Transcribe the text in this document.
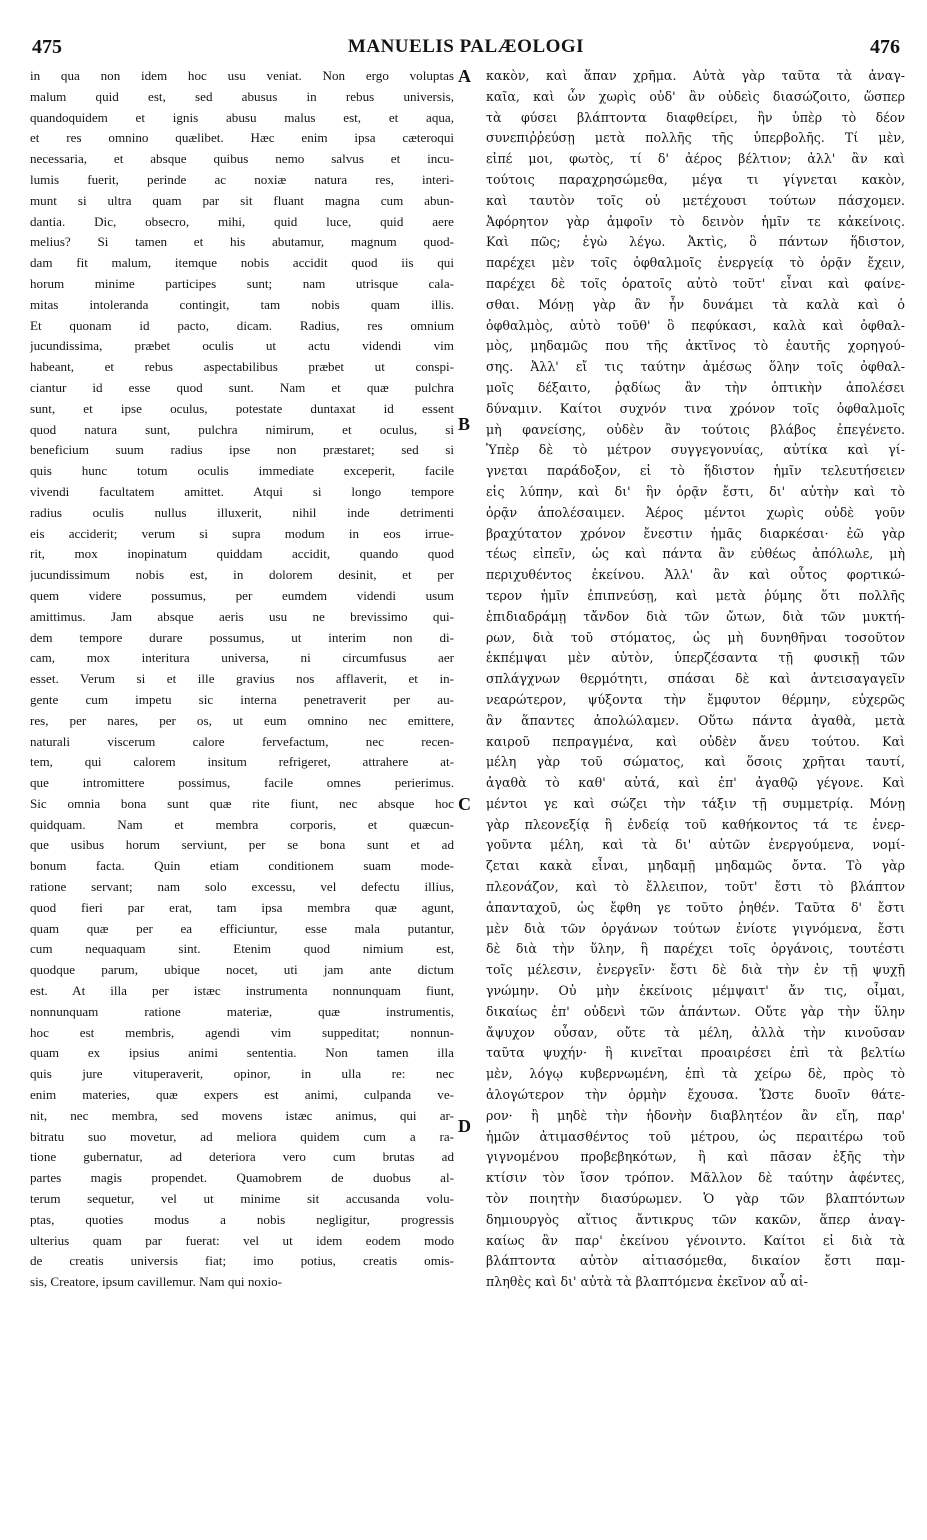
475	MANUELIS PALÆOLOGI	476
in qua non idem hoc usu veniat. Non ergo voluptas
malum quid est, sed abusus in rebus universis,
quandoquidem et ignis abusu malus est, et aqua,
et res omnino quælibet. Hæc enim ipsa cæteroqui
necessaria, et absque quibus nemo salvus et incu-
lumis fuerit, perinde ac noxiæ natura res, interi-
munt si ultra quam par sit fluant magna cum abun-
dantia. Dic, obsecro, mihi, quid luce, quid aere
melius? Si tamen et his abutamur, magnum quod-
dam fit malum, itemque nobis accidit quod iis qui
horum minime participes sunt; nam utrisque cala-
mitas intoleranda contingit, tam nobis quam illis.
Et quonam id pacto, dicam. Radius, res omnium
jucundissima, præbet oculis ut actu videndi vim
habeant, et rebus aspectabilibus præbet ut conspi-
ciantur id esse quod sunt. Nam et quæ pulchra
sunt, et ipse oculus, potestate duntaxat id essent
quod natura sunt, pulchra nimirum, et oculus, si
beneficium suum radius ipse non præstaret; sed si
quis hunc totum oculis immediate exceperit, facile
vivendi facultatem amittet. Atqui si longo tempore
radius oculis nullus illuxerit, nihil inde detrimenti
eis acciderit; verum si supra modum in eos irrue-
rit, mox inopinatum quiddam accidit, quando quod
jucundissimum nobis est, in dolorem desinit, et per
quem videre possumus, per eumdem videndi usum
amittimus. Jam absque aeris usu ne brevissimo qui-
dem tempore durare possumus, ut interim non di-
cam, mox interitura universa, ni circumfusus aer
esset. Verum si et ille gravius nos afflaverit, et in-
gente cum impetu sic interna penetraverit per au-
res, per nares, per os, ut eum omnino nec emittere,
naturali viscerum calore fervefactum, nec recen-
tem, qui calorem insitum refrigeret, attrahere at-
que intromittere possimus, facile omnes perierimus.
Sic omnia bona sunt quæ rite fiunt, nec absque hoc
quidquam. Nam et membra corporis, et quæcun-
que usibus horum serviunt, per se bona sunt et ad
bonum facta. Quin etiam conditionem suam mode-
ratione servant; nam solo excessu, vel defectu illius,
quod fieri par erat, tam ipsa membra quæ agunt,
quam quæ per ea efficiuntur, esse mala putantur,
cum nequaquam sint. Etenim quod nimium est,
quodque parum, ubique nocet, uti jam ante dictum
est. At illa per istæc instrumenta nonnunquam fiunt,
nonnunquam ratione materiæ, quæ instrumentis,
hoc est membris, agendi vim suppeditat; nonnun-
quam ex ipsius animi sententia. Non tamen illa
quis jure vituperaverit, opinor, in ulla re: nec
enim materies, quæ expers est animi, culpanda ve-
nit, nec membra, sed movens istæc animus, qui ar-
bitratu suo movetur, ad meliora quidem cum a ra-
tione gubernatur, ad deteriora vero cum brutas ad
partes magis propendet. Quamobrem de duobus al-
terum sequetur, vel ut minime sit accusanda volu-
ptas, quoties modus a nobis negligitur, progressis
ulterius quam par fuerat: vel ut idem eodem modo
de creatis universis fiat; imo potius, creatis omis-
sis, Creatore, ipsum cavillemur. Nam qui noxio-
A
B
C
D
κακὸν, καὶ ἅπαν χρῆμα. Αὐτὰ γὰρ ταῦτα τὰ ἀναγ-
καῖα, καὶ ὧν χωρὶς οὐδ' ἂν οὐδεὶς διασώζοιτο, ὥσπερ
τὰ φύσει βλάπτοντα διαφθείρει, ἢν ὑπὲρ τὸ δέον
συνεπιῤῥεύσῃ μετὰ πολλῆς τῆς ὑπερβολῆς. Τί μὲν,
εἰπέ μοι, φωτὸς, τί δ' ἀέρος βέλτιον; ἀλλ' ἂν καὶ
τούτοις παραχρησώμεθα, μέγα τι γίγνεται κακὸν,
καὶ ταυτὸν τοῖς οὐ μετέχουσι τούτων πάσχομεν.
Ἀφόρητον γὰρ ἀμφοῖν τὸ δεινὸν ἡμῖν τε κἀκείνοις.
Καὶ πῶς; ἐγὼ λέγω. Ἀκτὶς, ὃ πάντων ἥδιστον,
παρέχει μὲν τοῖς ὀφθαλμοῖς ἐνεργείᾳ τὸ ὁρᾷν ἔχειν,
παρέχει δὲ τοῖς ὁρατοῖς αὐτὸ τοῦτ' εἶναι καὶ φαίνε-
σθαι. Μόνῃ γὰρ ἂν ἦν δυνάμει τὰ καλὰ καὶ ὁ
ὀφθαλμὸς, αὐτὸ τοῦθ' ὃ πεφύκασι, καλὰ καὶ ὀφθαλ-
μὸς, μηδαμῶς που τῆς ἀκτῖνος τὸ ἑαυτῆς χορηγού-
σης. Ἀλλ' εἴ τις ταύτην ἀμέσως ὅλην τοῖς ὀφθαλ-
μοῖς δέξαιτο, ῥᾳδίως ἂν τὴν ὀπτικὴν ἀπολέσει
δύναμιν. Καίτοι συχνόν τινα χρόνον τοῖς ὀφθαλμοῖς
μὴ φανείσης, οὐδὲν ἂν τούτοις βλάβος ἐπεγένετο.
Ὑπὲρ δὲ τὸ μέτρον συγγεγονυίας, αὐτίκα καὶ γί-
γνεται παράδοξον, εἰ τὸ ἥδιστον ἡμῖν τελευτήσειεν
εἰς λύπην, καὶ δι' ἣν ὁρᾷν ἔστι, δι' αὐτὴν καὶ τὸ
ὁρᾷν ἀπολέσαιμεν. Ἀέρος μέντοι χωρὶς οὐδὲ γοῦν
βραχύτατον χρόνον ἔνεστιν ἡμᾶς διαρκέσαι· ἐῶ γὰρ
τέως εἰπεῖν, ὡς καὶ πάντα ἂν εὐθέως ἀπόλωλε, μὴ
περιχυθέντος ἐκείνου. Ἀλλ' ἂν καὶ οὗτος φορτικώ-
τερον ἡμῖν ἐπιπνεύσῃ, καὶ μετὰ ῥύμης ὅτι πολλῆς
ἐπιδιαδράμῃ τἄνδον διὰ τῶν ὤτων, διὰ τῶν μυκτή-
ρων, διὰ τοῦ στόματος, ὡς μὴ δυνηθῆναι τοσοῦτον
ἐκπέμψαι μὲν αὐτὸν, ὑπερζέσαντα τῇ φυσικῇ τῶν
σπλάγχνων θερμότητι, σπάσαι δὲ καὶ ἀντεισαγαγεῖν
νεαρώτερον, ψύξοντα τὴν ἔμφυτον θέρμην, εὐχερῶς
ἂν ἅπαντες ἀπολώλαμεν. Οὕτω πάντα ἀγαθὰ, μετὰ
καιροῦ πεπραγμένα, καὶ οὐδὲν ἄνευ τούτου. Καὶ
μέλη γὰρ τοῦ σώματος, καὶ ὅσοις χρῆται ταυτί,
ἀγαθὰ τὸ καθ' αὑτά, καὶ ἐπ' ἀγαθῷ γέγονε. Καὶ
μέντοι γε καὶ σώζει τὴν τάξιν τῇ συμμετρίᾳ. Μόνῃ
γὰρ πλεονεξίᾳ ἢ ἐνδείᾳ τοῦ καθήκοντος τά τε ἐνερ-
γοῦντα μέλη, καὶ τὰ δι' αὐτῶν ἐνεργούμενα, νομί-
ζεται κακὰ εἶναι, μηδαμῇ μηδαμῶς ὄντα. Τὸ γὰρ
πλεονάζον, καὶ τὸ ἔλλειπον, τοῦτ' ἔστι τὸ βλάπτον
ἁπανταχοῦ, ὡς ἔφθη γε τοῦτο ῥηθέν. Ταῦτα δ' ἔστι
μὲν διὰ τῶν ὀργάνων τούτων ἐνίοτε γιγνόμενα, ἔστι
δὲ διὰ τὴν ὕλην, ἣ παρέχει τοῖς ὀργάνοις, τουτέστι
τοῖς μέλεσιν, ἐνεργεῖν· ἔστι δὲ διὰ τὴν ἐν τῇ ψυχῇ
γνώμην. Οὐ μὴν ἐκείνοις μέμψαιτ' ἄν τις, οἶμαι,
δικαίως ἐπ' οὐδενὶ τῶν ἁπάντων. Οὔτε γὰρ τὴν ὕλην
ἄψυχον οὖσαν, οὔτε τὰ μέλη, ἀλλὰ τὴν κινοῦσαν
ταῦτα ψυχήν· ἣ κινεῖται προαιρέσει ἐπὶ τὰ βελτίω
μὲν, λόγῳ κυβερνωμένη, ἐπὶ τὰ χείρω δὲ, πρὸς τὸ
ἀλογώτερον τὴν ὁρμὴν ἔχουσα. Ὥστε δυοῖν θάτε-
ρον· ἢ μηδὲ τὴν ἡδονὴν διαβλητέον ἂν εἴη, παρ'
ἡμῶν ἀτιμασθέντος τοῦ μέτρου, ὡς περαιτέρω τοῦ
γιγνομένου προβεβηκότων, ἢ καὶ πᾶσαν ἑξῆς τὴν
κτίσιν τὸν ἴσον τρόπον. Μᾶλλον δὲ ταύτην ἀφέντες,
τὸν ποιητὴν διασύρωμεν. Ὁ γὰρ τῶν βλαπτόντων
δημιουργὸς αἴτιος ἄντικρυς τῶν κακῶν, ἅπερ ἀναγ-
καίως ἂν παρ' ἐκείνου γένοιντο. Καίτοι εἰ διὰ τὰ
βλάπτοντα αὐτὸν αἰτιασόμεθα, δικαίον ἔστι παμ-
πληθὲς καὶ δι' αὐτὰ τὰ βλαπτόμενα ἐκεῖνον αὖ αἰ-
